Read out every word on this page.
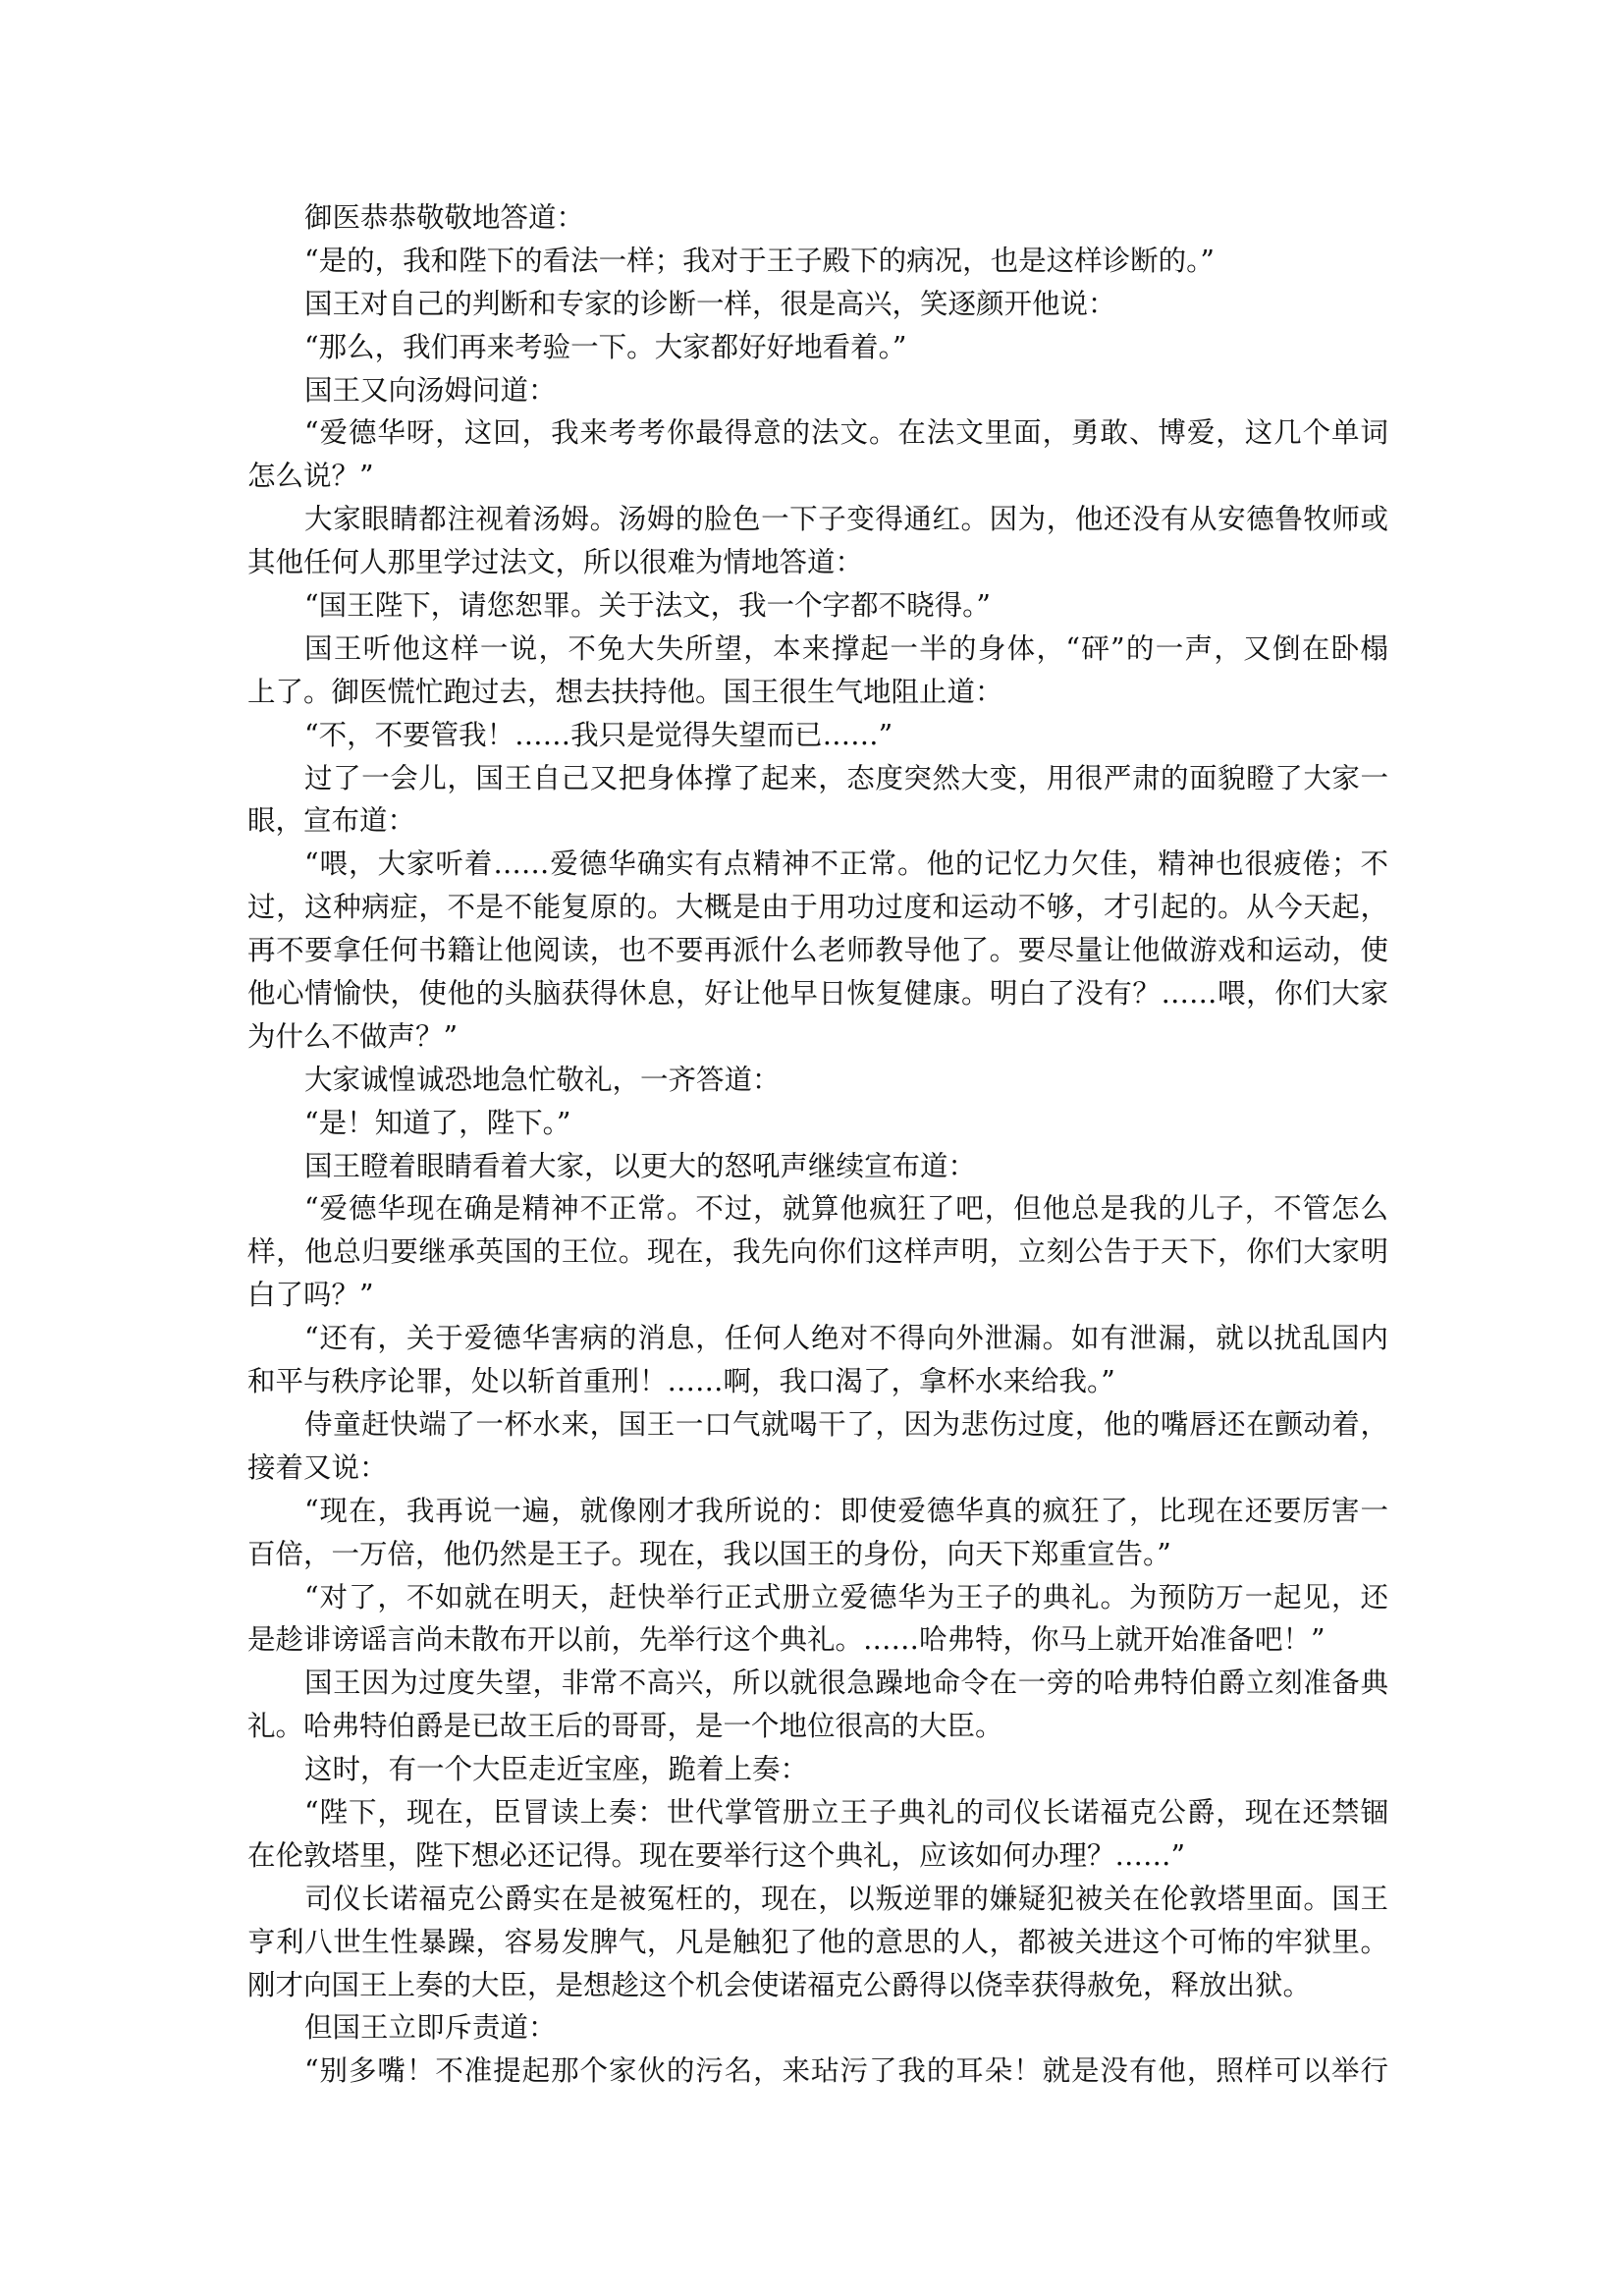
御医恭恭敬敬地答道：
“是的，我和陛下的看法一样；我对于王子殿下的病况，也是这样诊断的。”
国王对自己的判断和专家的诊断一样，很是高兴，笑逐颜开他说：
“那么，我们再来考验一下。大家都好好地看着。”
国王又向汤姆问道：
“爱德华呀，这回，我来考考你最得意的法文。在法文里面，勇敢、博爱，这几个单词
怎么说？”
大家眼睛都注视着汤姆。汤姆的脸色一下子变得通红。因为，他还没有从安德鲁牧师或
其他任何人那里学过法文，所以很难为情地答道：
“国王陛下，请您恕罪。关于法文，我一个字都不晓得。”
国王听他这样一说，不免大失所望，本来撑起一半的身体，“砰”的一声，又倒在卧榻
上了。御医慌忙跑过去，想去扶持他。国王很生气地阻止道：
“不，不要管我！……我只是觉得失望而已……”
过了一会儿，国王自己又把身体撑了起来，态度突然大变，用很严肃的面貌瞪了大家一
眼，宣布道：
“喂，大家听着……爱德华确实有点精神不正常。他的记忆力欠佳，精神也很疲倦；不
过，这种病症，不是不能复原的。大概是由于用功过度和运动不够，才引起的。从今天起，
再不要拿任何书籍让他阅读，也不要再派什么老师教导他了。要尽量让他做游戏和运动，使
他心情愉快，使他的头脑获得休息，好让他早日恢复健康。明白了没有？……喂，你们大家
为什么不做声？”
大家诚惶诚恐地急忙敬礼，一齐答道：
“是！知道了，陛下。”
国王瞪着眼睛看着大家，以更大的怒吼声继续宣布道：
“爱德华现在确是精神不正常。不过，就算他疯狂了吧，但他总是我的儿子，不管怎么
样，他总归要继承英国的王位。现在，我先向你们这样声明，立刻公告于天下，你们大家明
白了吗？”
“还有，关于爱德华害病的消息，任何人绝对不得向外泄漏。如有泄漏，就以扰乱国内
和平与秩序论罪，处以斩首重刑！……啊，我口渴了，拿杯水来给我。”
侍童赶快端了一杯水来，国王一口气就喝干了，因为悲伤过度，他的嘴唇还在颤动着，
接着又说：
“现在，我再说一遍，就像刚才我所说的：即使爱德华真的疯狂了，比现在还要厉害一
百倍，一万倍，他仍然是王子。现在，我以国王的身份，向天下郑重宣告。”
“对了，不如就在明天，赶快举行正式册立爱德华为王子的典礼。为预防万一起见，还
是趁诽谤谣言尚未散布开以前，先举行这个典礼。……哈弗特，你马上就开始准备吧！”
国王因为过度失望，非常不高兴，所以就很急躁地命令在一旁的哈弗特伯爵立刻准备典
礼。哈弗特伯爵是已故王后的哥哥，是一个地位很高的大臣。
这时，有一个大臣走近宝座，跪着上奏：
“陛下，现在，臣冒读上奏：世代掌管册立王子典礼的司仪长诺福克公爵，现在还禁锢
在伦敦塔里，陛下想必还记得。现在要举行这个典礼，应该如何办理？……”
司仪长诺福克公爵实在是被冤枉的，现在，以叛逆罪的嫌疑犯被关在伦敦塔里面。国王
亨利八世生性暴躁，容易发脾气，凡是触犯了他的意思的人，都被关进这个可怖的牢狱里。
刚才向国王上奏的大臣，是想趁这个机会使诺福克公爵得以侥幸获得赦免，释放出狱。
但国王立即斥责道：
“别多嘴！不准提起那个家伙的污名，来玷污了我的耳朵！就是没有他，照样可以举行
